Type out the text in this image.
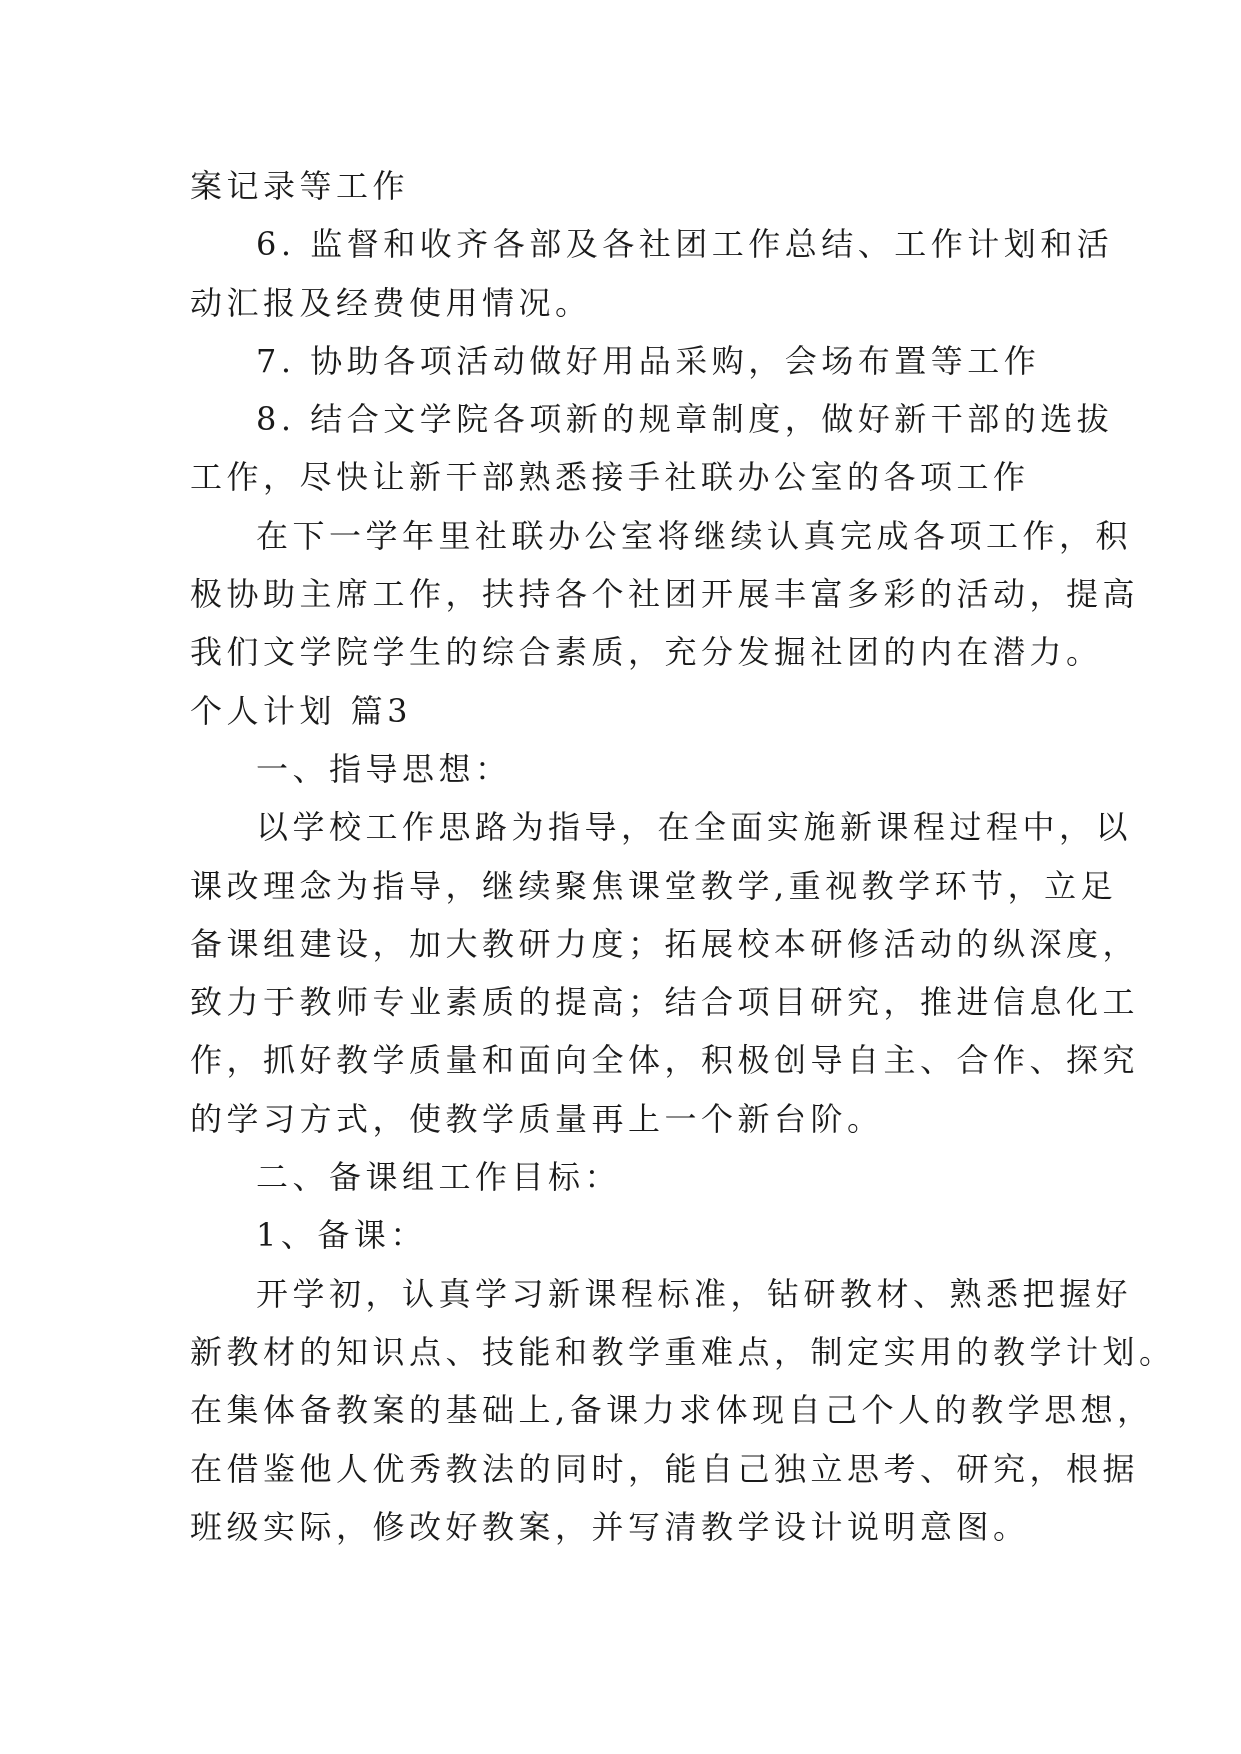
案记录等工作

6. 监督和收齐各部及各社团工作总结、工作计划和活

动汇报及经费使用情况。

7. 协助各项活动做好用品采购，会场布置等工作

8. 结合文学院各项新的规章制度，做好新干部的选拔

工作，尽快让新干部熟悉接手社联办公室的各项工作

在下一学年里社联办公室将继续认真完成各项工作，积

极协助主席工作，扶持各个社团开展丰富多彩的活动，提高

我们文学院学生的综合素质，充分发掘社团的内在潜力。

个人计划 篇3

一、指导思想：

以学校工作思路为指导，在全面实施新课程过程中，以

课改理念为指导，继续聚焦课堂教学,重视教学环节，立足

备课组建设，加大教研力度；拓展校本研修活动的纵深度，

致力于教师专业素质的提高；结合项目研究，推进信息化工

作，抓好教学质量和面向全体，积极创导自主、合作、探究

的学习方式，使教学质量再上一个新台阶。

二、备课组工作目标：

1、备课：

开学初，认真学习新课程标准，钻研教材、熟悉把握好

新教材的知识点、技能和教学重难点，制定实用的教学计划。

在集体备教案的基础上,备课力求体现自己个人的教学思想，

在借鉴他人优秀教法的同时，能自己独立思考、研究，根据

班级实际，修改好教案，并写清教学设计说明意图。
